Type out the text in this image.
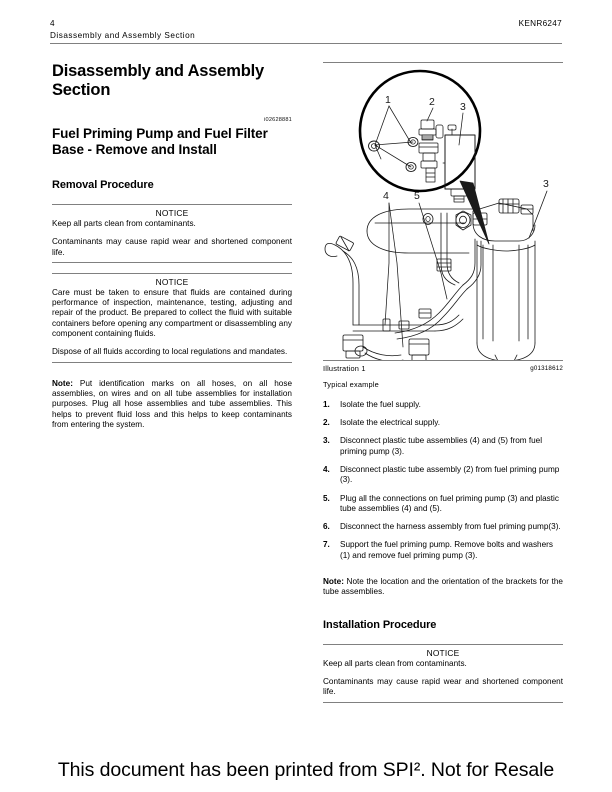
4	KENR6247
Disassembly and Assembly Section
Disassembly and Assembly Section
i02628881
Fuel Priming Pump and Fuel Filter Base - Remove and Install
Removal Procedure
NOTICE

Keep all parts clean from contaminants.

Contaminants may cause rapid wear and shortened component life.

NOTICE

Care must be taken to ensure that fluids are contained during performance of inspection, maintenance, testing, adjusting and repair of the product. Be prepared to collect the fluid with suitable containers before opening any compartment or disassembling any component containing fluids.

Dispose of all fluids according to local regulations and mandates.

Note: Put identification marks on all hoses, on all hose assemblies, on wires and on all tube assemblies for installation purposes. Plug all hose assemblies and tube assemblies. This helps to prevent fluid loss and this helps to keep contaminants from entering the system.

1	2 3
3
4 5
Illustration 1	g01318612
Typical example
1. Isolate the fuel supply.
2. Isolate the electrical supply.
3. Disconnect plastic tube assemblies (4) and (5) from fuel priming pump (3).
4. Disconnect plastic tube assembly (2) from fuel priming pump (3).
5. Plug all the connections on fuel priming pump (3) and plastic tube assemblies (4) and (5).
6. Disconnect the harness assembly from fuel priming pump(3).
7. Support the fuel priming pump. Remove bolts and washers (1) and remove fuel priming pump (3).

Note: Note the location and the orientation of the brackets for the tube assemblies.

Installation Procedure
NOTICE

Keep all parts clean from contaminants.

Contaminants may cause rapid wear and shortened component life.

This document has been printed from SPI². Not for Resale
